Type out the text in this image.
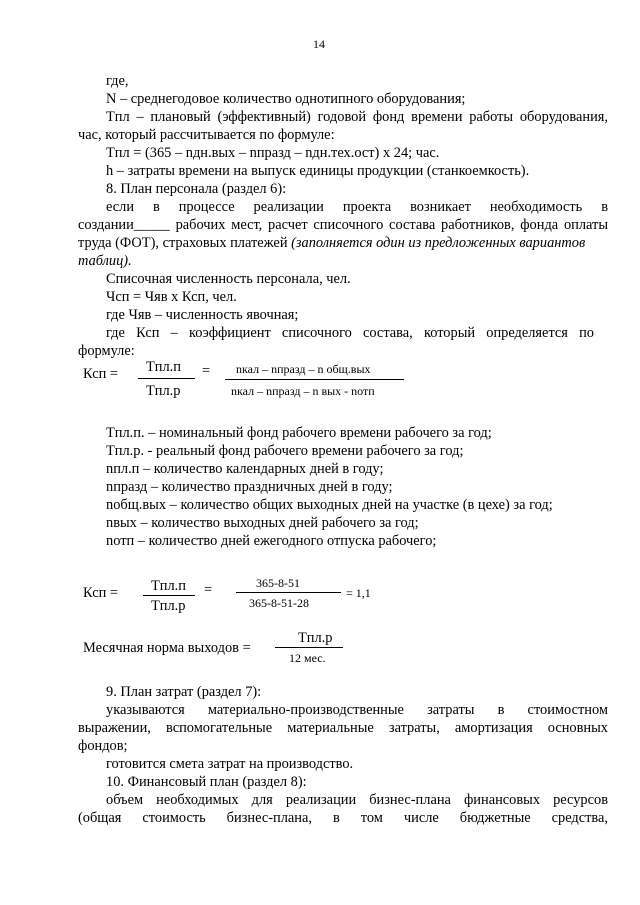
14
где,
N – среднегодовое количество однотипного оборудования;
Tпл – плановый (эффективный) годовой фонд времени работы оборудования,
час, который рассчитывается по формуле:
Tпл = (365 – nдн.вых – nпразд – nдн.тех.ост) х 24; час.
h – затраты времени на выпуск единицы продукции (станкоемкость).
8. План персонала (раздел 6):
если в процессе реализации проекта возникает необходимость в
создании_____ рабочих мест, расчет списочного состава работников, фонда оплаты
труда (ФОТ), страховых платежей (заполняется один из предложенных вариантов
таблиц).
Списочная численность персонала, чел.
Чсп = Чяв х Ксп, чел.
где Чяв – численность явочная;
где Ксп – коэффициент списочного состава, который определяется по
формуле:
Ксп = Tпл.п
Tпл.р
= nкал – nпразд – n общ.вых
nкал – nпразд – n вых - nотп
Tпл.п. – номинальный фонд рабочего времени рабочего за год;
Tпл.р. - реальный фонд рабочего времени рабочего за год;
nпл.п – количество календарных дней в году;
nпразд – количество праздничных дней в году;
nобщ.вых – количество общих выходных дней на участке (в цехе) за год;
nвых – количество выходных дней рабочего за год;
nотп – количество дней ежегодного отпуска рабочего;
Ксп = Tпл.п
Tпл.р
=	365-8-51
365-8-51-28
= 1,1
Месячная норма выходов =
Tпл.р
12 мес.
9. План затрат (раздел 7):
указываются материально-производственные затраты в стоимостном
выражении, вспомогательные материальные затраты, амортизация основных
фондов;
готовится смета затрат на производство.
10. Финансовый план (раздел 8):
объем необходимых для реализации бизнес-плана финансовых ресурсов
(общая стоимость бизнес-плана, в том числе бюджетные средства,
